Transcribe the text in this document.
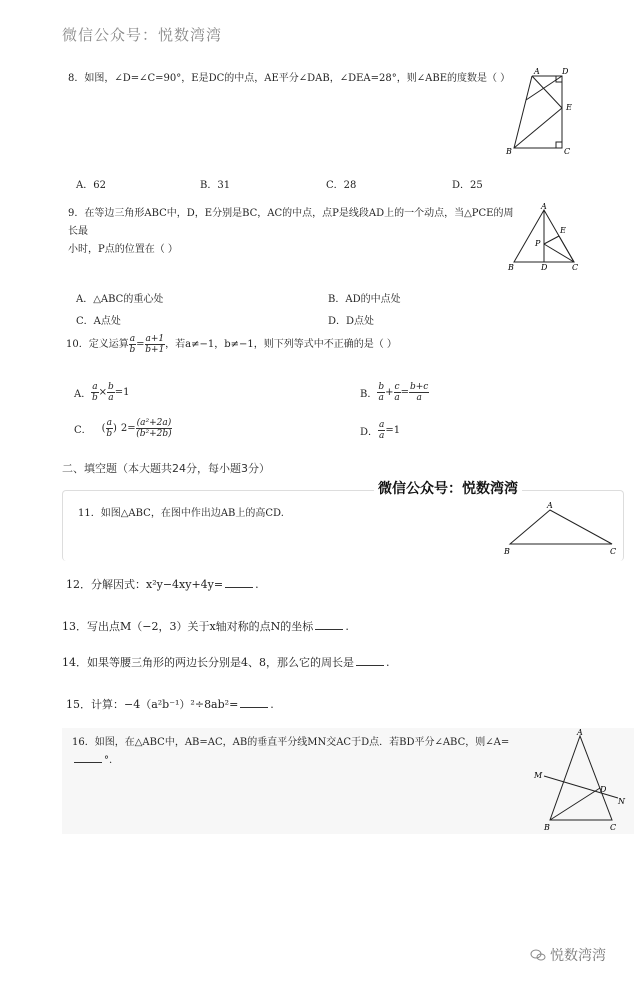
微信公众号：悦数湾湾
8．如图，∠D=∠C=90°，E是DC的中点，AE平分∠DAB，∠DEA=28°，则∠ABE的度数是（ ）
A	D
E
B	C
A．62	B．31	C．28	D．25
9．在等边三角形ABC中，D，E分别是BC，AC的中点，点P是线段AD上的一个动点，当△PCE的周长最
小时，P点的位置在（ ）
A
E
P
B	D	C
A．△ABC的重心处	B．AD的中点处
C．A点处	D．D点处
10．定义运算 $\frac{a}{b} = \frac{a+1}{b+1}$ ，若a≠−1，b≠−1，则下列等式中不正确的是（ ）
A． $\frac{a}{b} \times \frac{b}{a} =1$	B． $\frac{b}{a} + \frac{c}{a} = \frac{b+c}{a}$
C． ( $\frac{a}{b}$ ) $2= \frac{\text{(a²+2a)}}{\text{(b²+2b)}}$	D． $\frac{a}{a} =1$
二、填空题（本大题共24分，每小题3分）
微信公众号：悦数湾湾
11．如图△ABC，在图中作出边AB上的高CD.
A
B	C
12．分解因式：x²y−4xy+4y=	.
13．写出点M（−2，3）关于x轴对称的点N的坐标	.
14．如果等腰三角形的两边长分别是4、8，那么它的周长是	.
15．计算：−4（a²b⁻¹）²÷8ab²=	.
16．如图，在△ABC中，AB=AC，AB的垂直平分线MN交AC于D点．若BD平分∠ABC，则∠A=
°.
A
M
D
N
B	C
悦数湾湾
